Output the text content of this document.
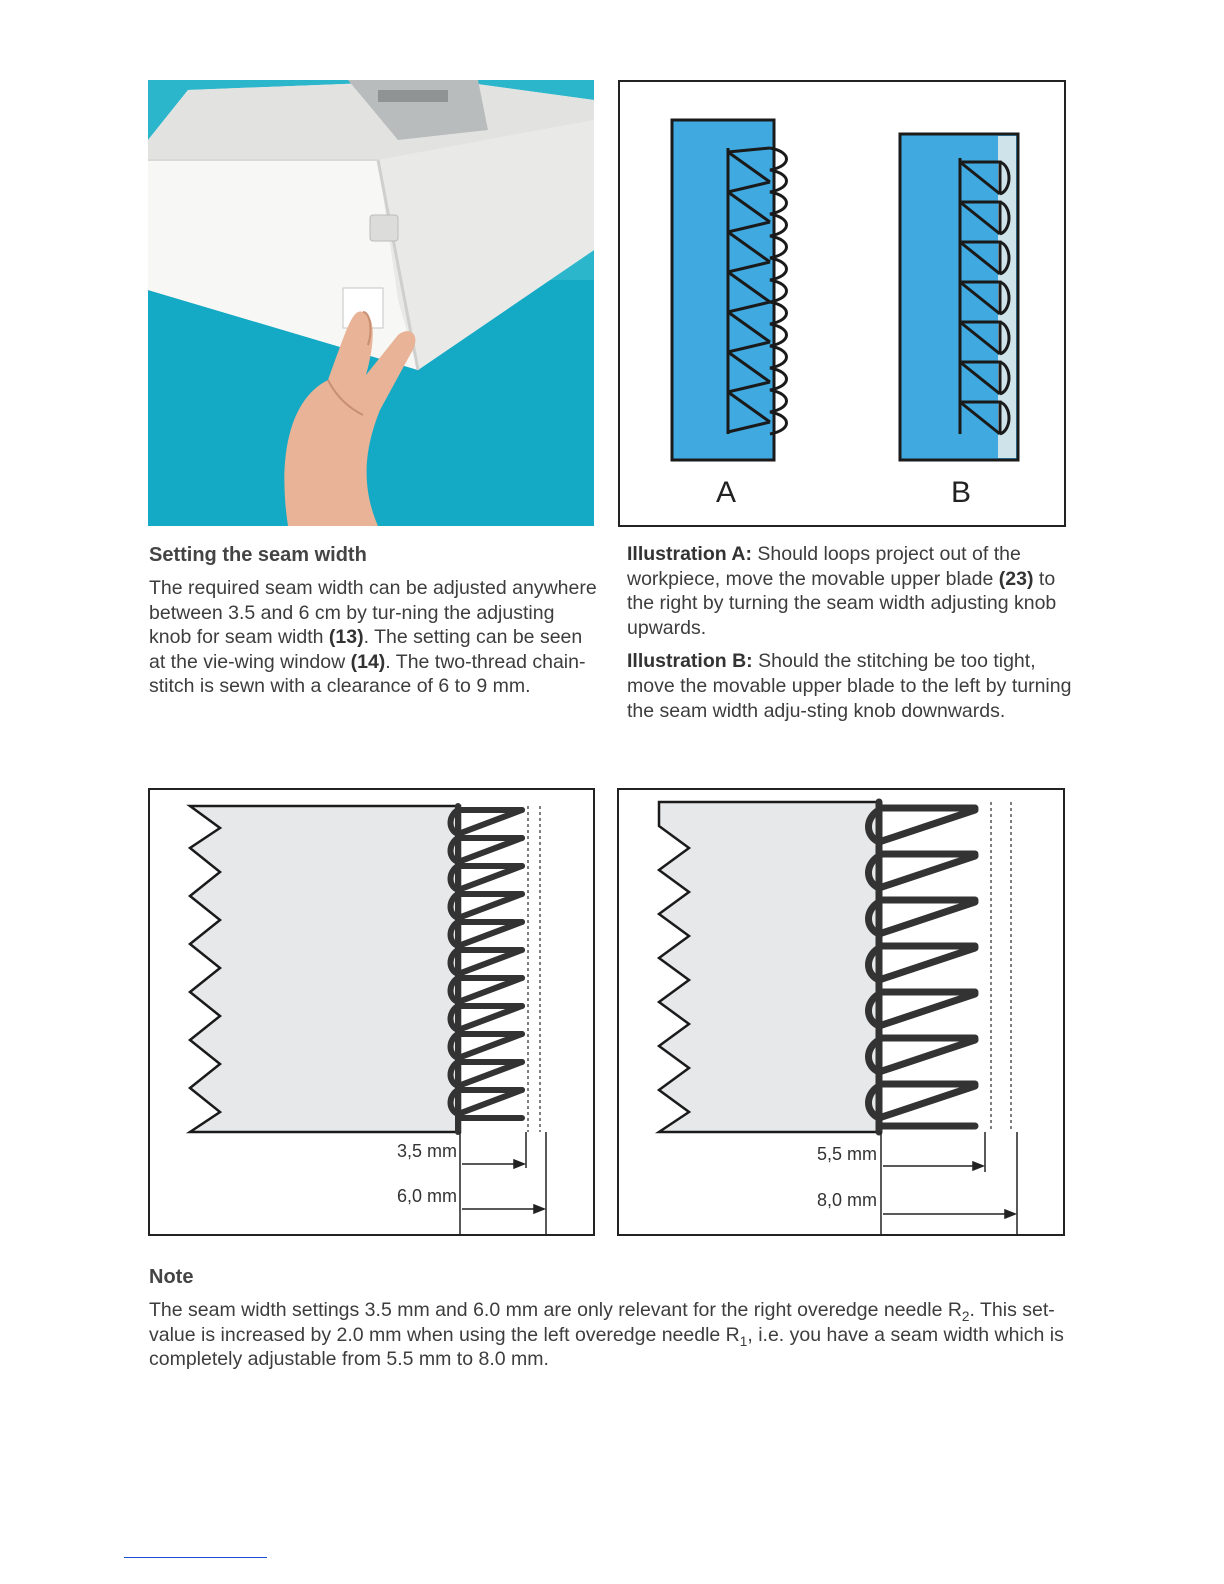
A	B

Setting the seam width

The required seam width can be adjusted anywhere between 3.5 and 6 cm by tur-ning the adjusting knob for seam width (13). The setting can be seen at the vie-wing window (14). The two-thread chain-stitch is sewn with a clearance of 6 to 9 mm.

Illustration A: Should loops project out of the workpiece, move the movable upper blade (23) to the right by turning the seam width adjusting knob upwards.

Illustration B: Should the stitching be too tight, move the movable upper blade to the left by turning the seam width adju-sting knob downwards.

3,5 mm
6,0 mm
5,5 mm
8,0 mm

Note

The seam width settings 3.5 mm and 6.0 mm are only relevant for the right overedge needle $R_2$. This set-value is increased by 2.0 mm when using the left overedge needle $R_1$, i.e. you have a seam width which is completely adjustable from 5.5 mm to 8.0 mm.
